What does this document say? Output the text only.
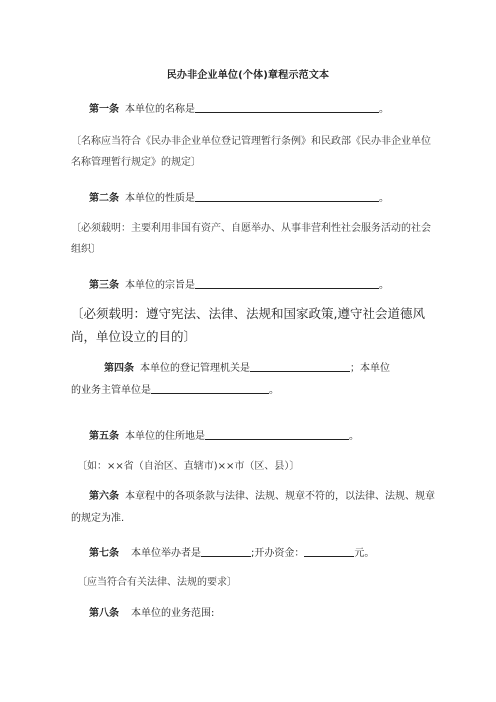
民办非企业单位(个体)章程示范文本
第一条 本单位的名称是	。
〔名称应当符合《民办非企业单位登记管理暂行条例》和民政部《民办非企业单位名称管理暂行规定》的规定〕
第二条 本单位的性质是	。
〔必须载明：主要利用非国有资产、自愿举办、从事非营利性社会服务活动的社会组织〕
第三条 本单位的宗旨是	。
〔必须载明：遵守宪法、法律、法规和国家政策,遵守社会道德风尚，单位设立的目的〕
第四条 本单位的登记管理机关是	；本单位
的业务主管单位是	。
第五条 本单位的住所地是	。
〔如：××省（自治区、直辖市)××市（区、县）〕
第六条 本章程中的各项条款与法律、法规、规章不符的，以法律、法规、规章的规定为准.
第七条 本单位举办者是	;开办资金：	元。
〔应当符合有关法律、法规的要求〕
第八条 本单位的业务范围:
